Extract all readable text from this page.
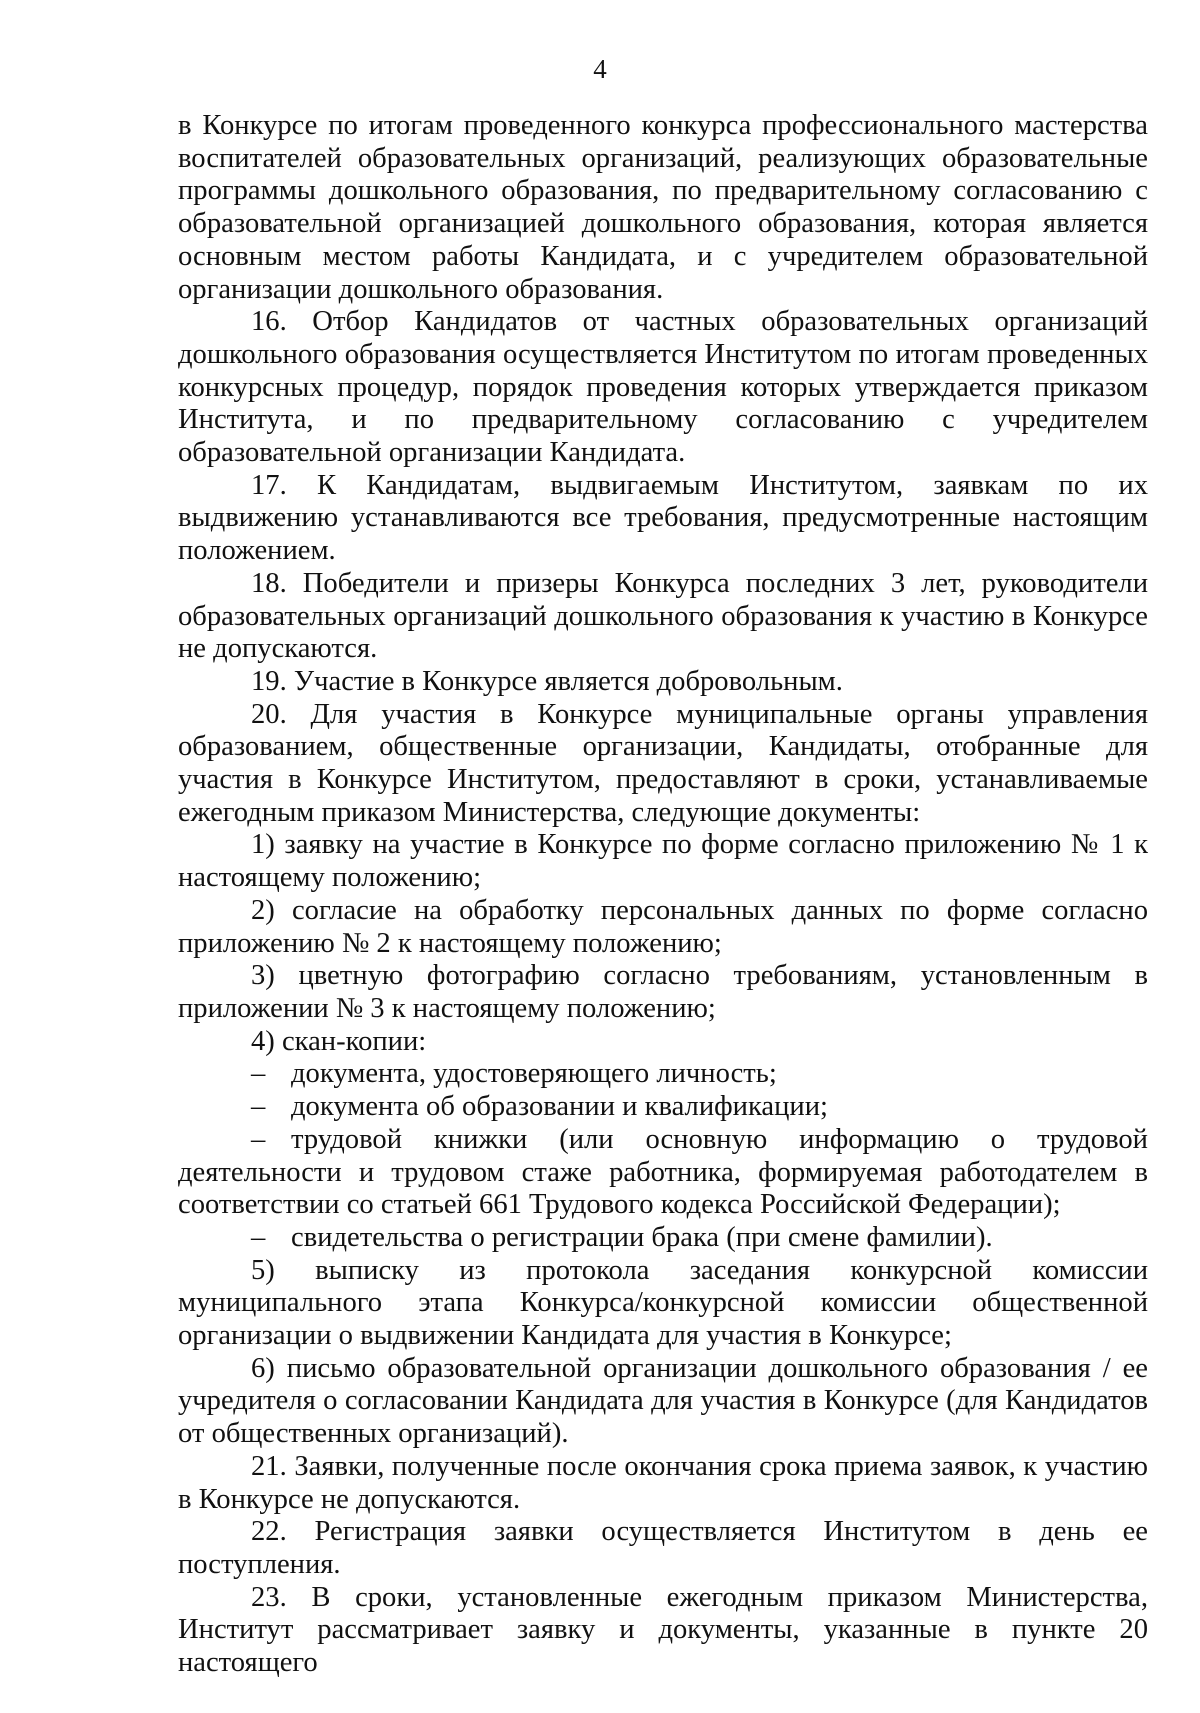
4

в Конкурсе по итогам проведенного конкурса профессионального мастерства воспитателей образовательных организаций, реализующих образовательные программы дошкольного образования, по предварительному согласованию с образовательной организацией дошкольного образования, которая является основным местом работы Кандидата, и с учредителем образовательной организации дошкольного образования.

16. Отбор Кандидатов от частных образовательных организаций дошкольного образования осуществляется Институтом по итогам проведенных конкурсных процедур, порядок проведения которых утверждается приказом Института, и по предварительному согласованию с учредителем образовательной организации Кандидата.

17. К Кандидатам, выдвигаемым Институтом, заявкам по их выдвижению устанавливаются все требования, предусмотренные настоящим положением.

18. Победители и призеры Конкурса последних 3 лет, руководители образовательных организаций дошкольного образования к участию в Конкурсе не допускаются.

19. Участие в Конкурсе является добровольным.

20. Для участия в Конкурсе муниципальные органы управления образованием, общественные организации, Кандидаты, отобранные для участия в Конкурсе Институтом, предоставляют в сроки, устанавливаемые ежегодным приказом Министерства, следующие документы:

1) заявку на участие в Конкурсе по форме согласно приложению № 1 к настоящему положению;

2) согласие на обработку персональных данных по форме согласно приложению № 2 к настоящему положению;

3) цветную фотографию согласно требованиям, установленным в приложении № 3 к настоящему положению;

4) скан-копии:

– документа, удостоверяющего личность;

– документа об образовании и квалификации;

– трудовой книжки (или основную информацию о трудовой деятельности и трудовом стаже работника, формируемая работодателем в соответствии со статьей 661 Трудового кодекса Российской Федерации);

– свидетельства о регистрации брака (при смене фамилии).

5) выписку из протокола заседания конкурсной комиссии муниципального этапа Конкурса/конкурсной комиссии общественной организации о выдвижении Кандидата для участия в Конкурсе;

6) письмо образовательной организации дошкольного образования / ее учредителя о согласовании Кандидата для участия в Конкурсе (для Кандидатов от общественных организаций).

21. Заявки, полученные после окончания срока приема заявок, к участию в Конкурсе не допускаются.

22. Регистрация заявки осуществляется Институтом в день ее поступления.

23. В сроки, установленные ежегодным приказом Министерства, Институт рассматривает заявку и документы, указанные в пункте 20 настоящего
